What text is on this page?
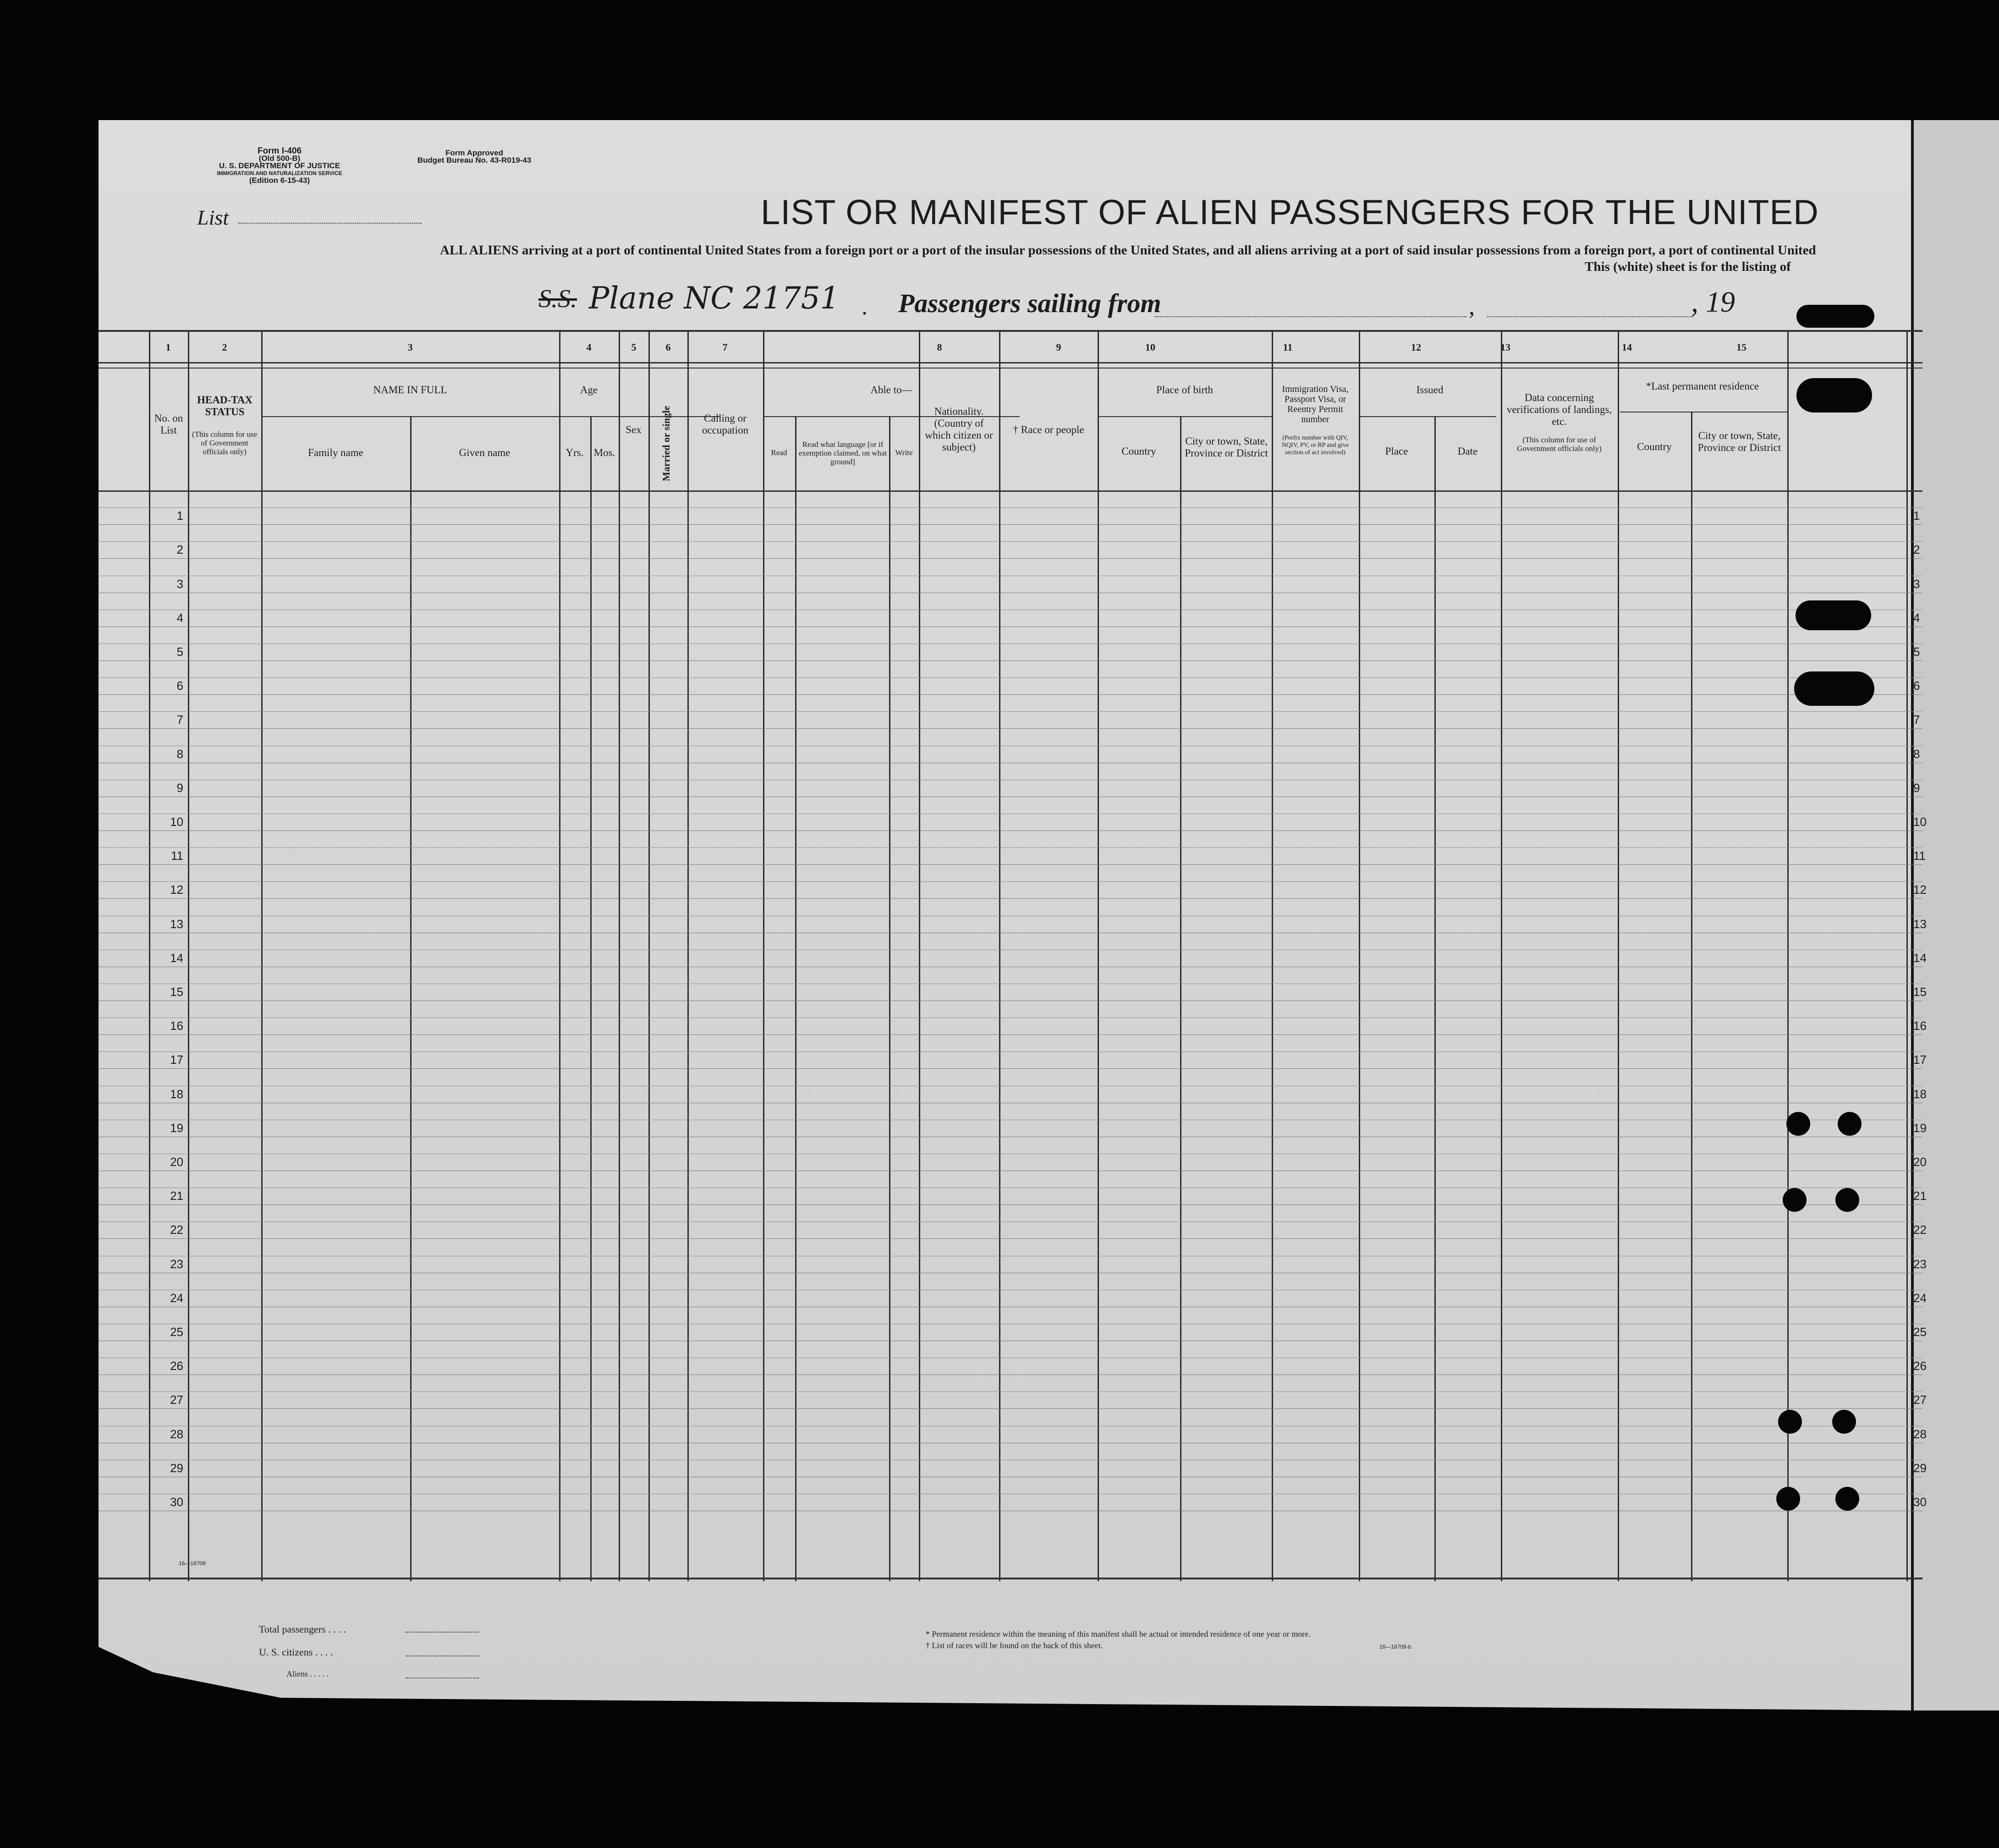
Form I-406
(Old 500-B)
U. S. DEPARTMENT OF JUSTICE
IMMIGRATION AND NATURALIZATION SERVICE
(Edition 6-15-43)
Form Approved
Budget Bureau No. 43-R019-43
List	LIST OR MANIFEST OF ALIEN PASSENGERS FOR THE UNITED
ALL ALIENS arriving at a port of continental United States from a foreign port or a port of the insular possessions of the United States, and all aliens arriving at a port of said insular possessions from a foreign port, a port of continental United
This (white) sheet is for the listing of
S.S. Plane NC 21751 . Passengers sailing from	,	, 19
1	2	3	4	5	6	7	8	9	10	11	12	13	14	15
No. on List
HEAD-TAX STATUS
(This column for use of Government officials only)
NAME IN FULL
Family name	Given name
Age
Yrs. Mos.
Sex	Married or single	Calling or occupation
Able to—
Read
Read what language [or if exemption claimed, on what ground]
Write
Nationality. (Country of which citizen or subject)
† Race or people
Place of birth
Country
City or town, State, Province or District
Immigration Visa, Passport Visa, or Reentry Permit number
(Prefix number with QIV, NQIV, PV, or RP and give section of act involved)
Issued
Place	Date
Data concerning verifications of landings, etc.
(This column for use of Government officials only)
*Last permanent residence
Country
City or town, State, Province or District
1	1
2	2
3	3
4	4
5	5
6	6
7	7
8	8
9	9
10	10
11	11
12	12
13	13
14	14
15	15
16	16
17	17
18	18
19	19
20	20
21	21
22	22
23	23
24	24
25	25
26	26
27	27
28	28
29	29
30	30
16—18709
Total passengers . . . .
U. S. citizens . . . .
Aliens . . . . .
* Permanent residence within the meaning of this manifest shall be actual or intended residence of one year or more.
† List of races will be found on the back of this sheet.	16—18709-b
